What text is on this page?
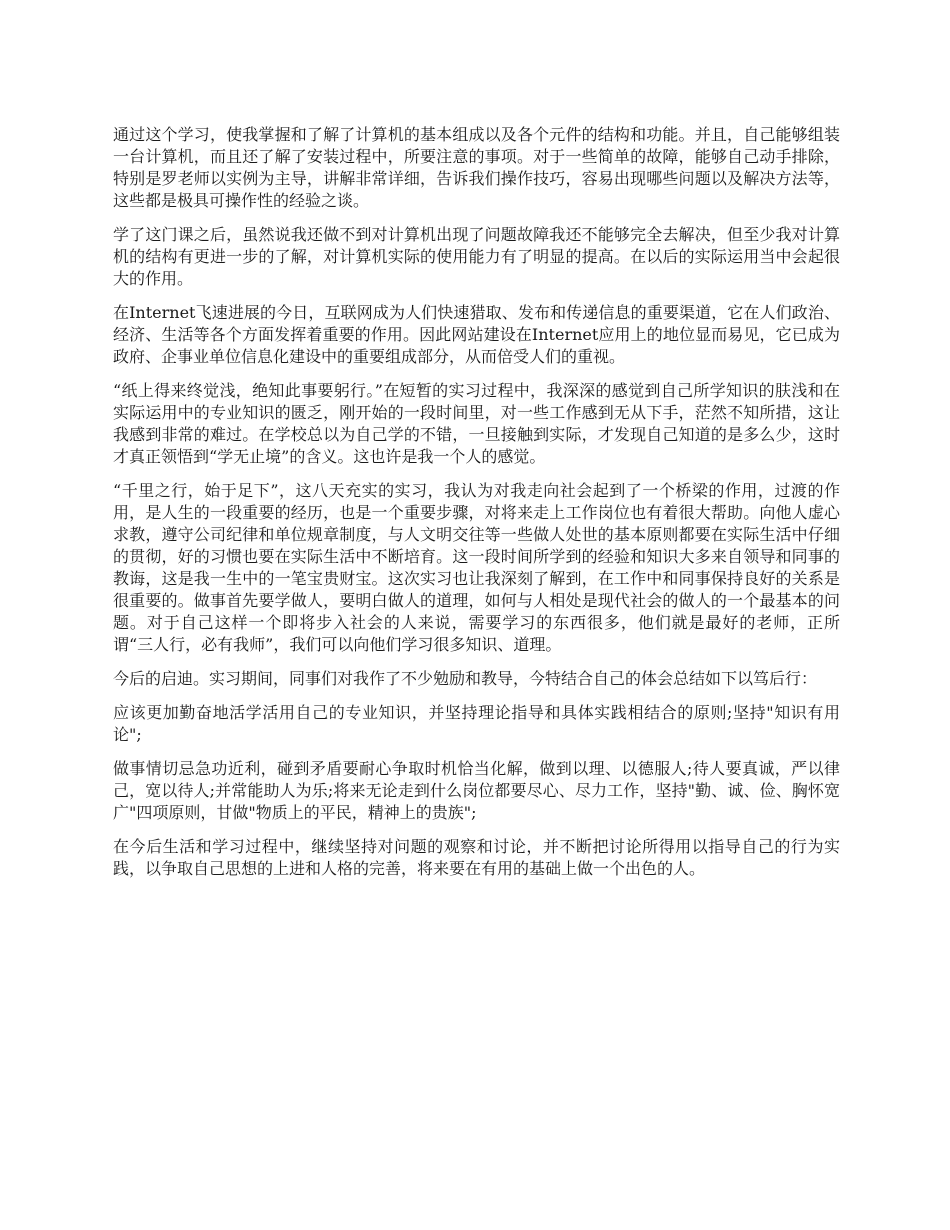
通过这个学习，使我掌握和了解了计算机的基本组成以及各个元件的结构和功能。并且，自己能够组装一台计算机，而且还了解了安装过程中，所要注意的事项。对于一些简单的故障，能够自己动手排除，特别是罗老师以实例为主导，讲解非常详细，告诉我们操作技巧，容易出现哪些问题以及解决方法等，这些都是极具可操作性的经验之谈。

学了这门课之后，虽然说我还做不到对计算机出现了问题故障我还不能够完全去解决，但至少我对计算机的结构有更进一步的了解，对计算机实际的使用能力有了明显的提高。在以后的实际运用当中会起很大的作用。

在Internet飞速进展的今日，互联网成为人们快速猎取、发布和传递信息的重要渠道，它在人们政治、经济、生活等各个方面发挥着重要的作用。因此网站建设在Internet应用上的地位显而易见，它已成为政府、企事业单位信息化建设中的重要组成部分，从而倍受人们的重视。

“纸上得来终觉浅，绝知此事要躬行。”在短暂的实习过程中，我深深的感觉到自己所学知识的肤浅和在实际运用中的专业知识的匮乏，刚开始的一段时间里，对一些工作感到无从下手，茫然不知所措，这让我感到非常的难过。在学校总以为自己学的不错，一旦接触到实际，才发现自己知道的是多么少，这时才真正领悟到“学无止境”的含义。这也许是我一个人的感觉。

“千里之行，始于足下”，这八天充实的实习，我认为对我走向社会起到了一个桥梁的作用，过渡的作用，是人生的一段重要的经历，也是一个重要步骤，对将来走上工作岗位也有着很大帮助。向他人虚心求教，遵守公司纪律和单位规章制度，与人文明交往等一些做人处世的基本原则都要在实际生活中仔细的贯彻，好的习惯也要在实际生活中不断培育。这一段时间所学到的经验和知识大多来自领导和同事的教诲，这是我一生中的一笔宝贵财宝。这次实习也让我深刻了解到，在工作中和同事保持良好的关系是很重要的。做事首先要学做人，要明白做人的道理，如何与人相处是现代社会的做人的一个最基本的问题。对于自己这样一个即将步入社会的人来说，需要学习的东西很多，他们就是最好的老师，正所谓“三人行，必有我师”，我们可以向他们学习很多知识、道理。

今后的启迪。实习期间，同事们对我作了不少勉励和教导，今特结合自己的体会总结如下以笃后行：

应该更加勤奋地活学活用自己的专业知识，并坚持理论指导和具体实践相结合的原则;坚持"知识有用论";

做事情切忌急功近利，碰到矛盾要耐心争取时机恰当化解，做到以理、以德服人;待人要真诚，严以律己，宽以待人;并常能助人为乐;将来无论走到什么岗位都要尽心、尽力工作，坚持"勤、诚、俭、胸怀宽广"四项原则，甘做"物质上的平民，精神上的贵族";

在今后生活和学习过程中，继续坚持对问题的观察和讨论，并不断把讨论所得用以指导自己的行为实践，以争取自己思想的上进和人格的完善，将来要在有用的基础上做一个出色的人。
